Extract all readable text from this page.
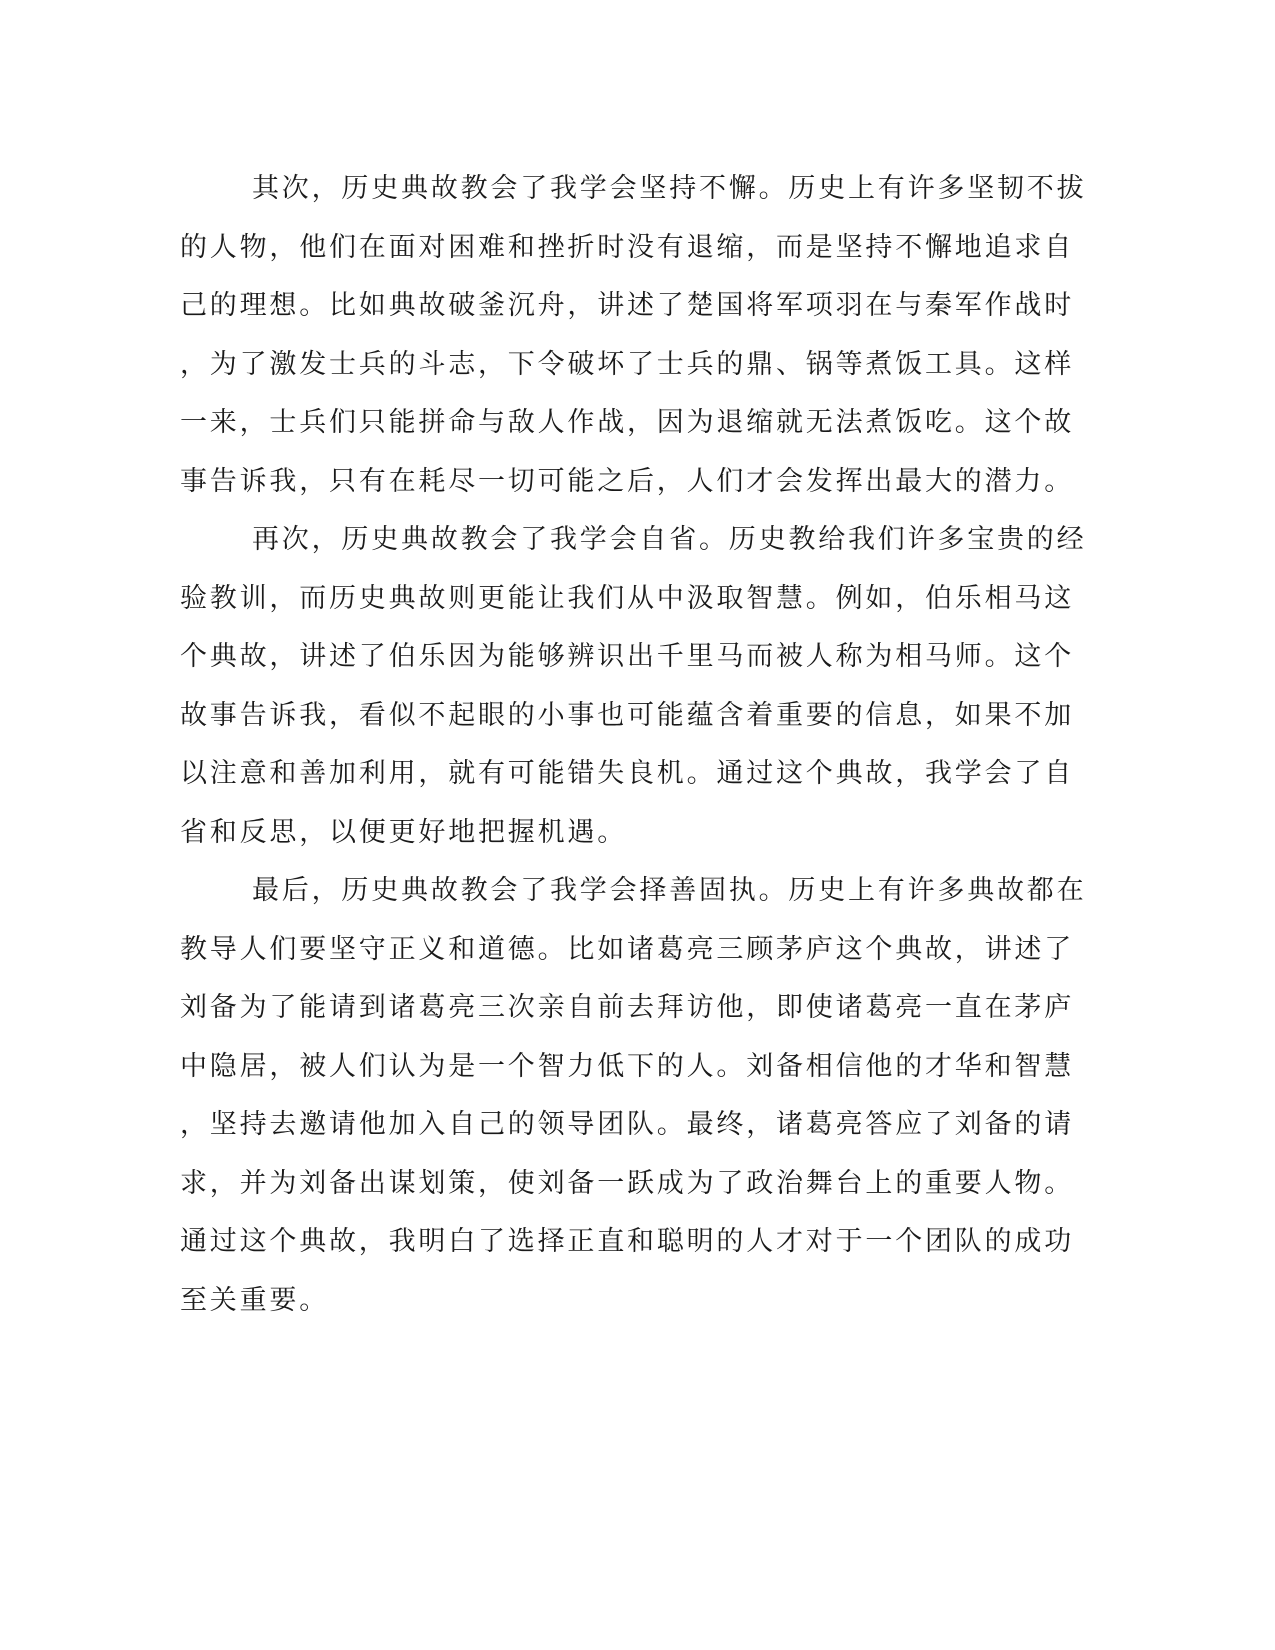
其次，历史典故教会了我学会坚持不懈。历史上有许多坚韧不拔
的人物，他们在面对困难和挫折时没有退缩，而是坚持不懈地追求自
己的理想。比如典故破釜沉舟，讲述了楚国将军项羽在与秦军作战时
，为了激发士兵的斗志，下令破坏了士兵的鼎、锅等煮饭工具。这样
一来，士兵们只能拼命与敌人作战，因为退缩就无法煮饭吃。这个故
事告诉我，只有在耗尽一切可能之后，人们才会发挥出最大的潜力。
再次，历史典故教会了我学会自省。历史教给我们许多宝贵的经
验教训，而历史典故则更能让我们从中汲取智慧。例如，伯乐相马这
个典故，讲述了伯乐因为能够辨识出千里马而被人称为相马师。这个
故事告诉我，看似不起眼的小事也可能蕴含着重要的信息，如果不加
以注意和善加利用，就有可能错失良机。通过这个典故，我学会了自
省和反思，以便更好地把握机遇。
最后，历史典故教会了我学会择善固执。历史上有许多典故都在
教导人们要坚守正义和道德。比如诸葛亮三顾茅庐这个典故，讲述了
刘备为了能请到诸葛亮三次亲自前去拜访他，即使诸葛亮一直在茅庐
中隐居，被人们认为是一个智力低下的人。刘备相信他的才华和智慧
，坚持去邀请他加入自己的领导团队。最终，诸葛亮答应了刘备的请
求，并为刘备出谋划策，使刘备一跃成为了政治舞台上的重要人物。
通过这个典故，我明白了选择正直和聪明的人才对于一个团队的成功
至关重要。
